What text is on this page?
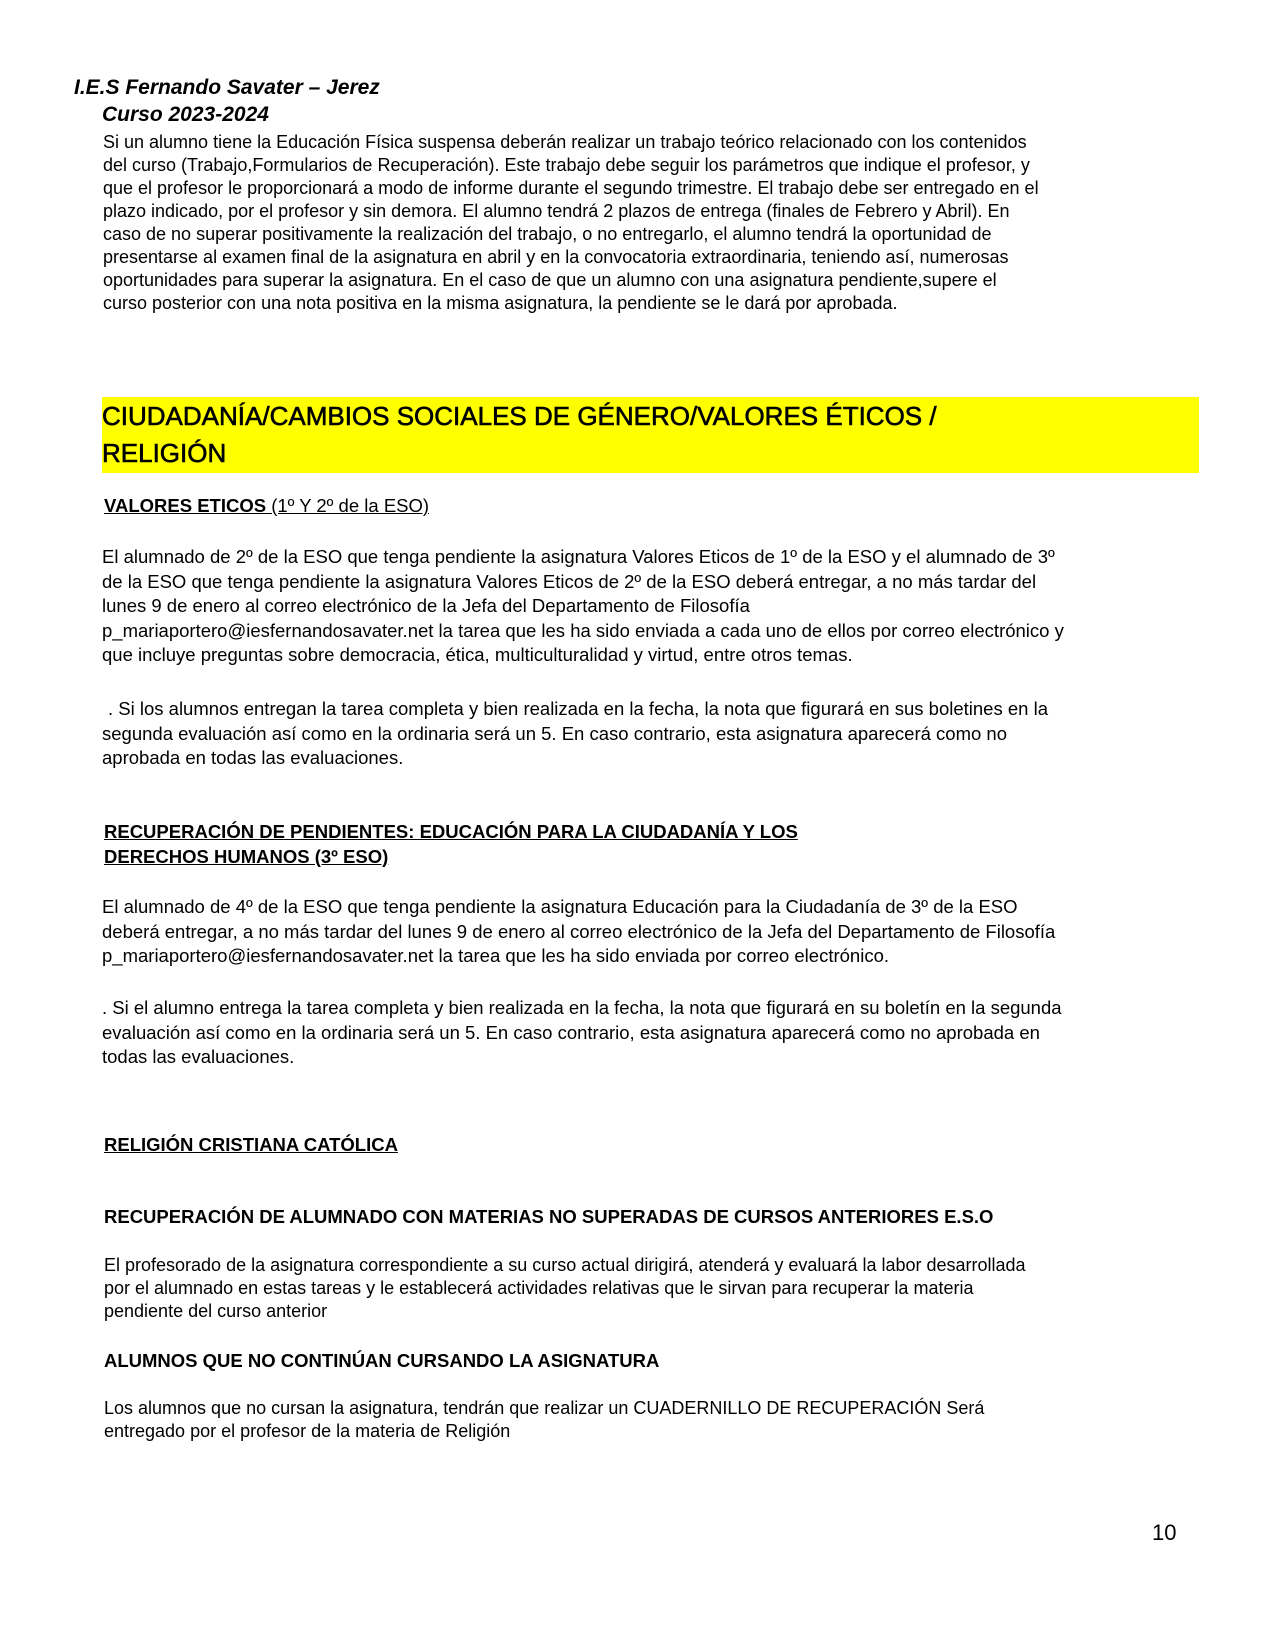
I.E.S Fernando Savater – Jerez
Curso 2023-2024
Si un alumno tiene la Educación Física suspensa deberán realizar un trabajo teórico relacionado con los contenidos
del curso (Trabajo,Formularios de Recuperación). Este trabajo debe seguir los parámetros que indique el profesor, y
que el profesor le proporcionará a modo de informe durante el segundo trimestre. El trabajo debe ser entregado en el
plazo indicado, por el profesor y sin demora. El alumno tendrá 2 plazos de entrega (finales de Febrero y Abril). En
caso de no superar positivamente la realización del trabajo, o no entregarlo, el alumno tendrá la oportunidad de
presentarse al examen final de la asignatura en abril y en la convocatoria extraordinaria, teniendo así, numerosas
oportunidades para superar la asignatura. En el caso de que un alumno con una asignatura pendiente,supere el
curso posterior con una nota positiva en la misma asignatura, la pendiente se le dará por aprobada.
CIUDADANÍA/CAMBIOS SOCIALES DE GÉNERO/VALORES ÉTICOS /
RELIGIÓN
VALORES ETICOS (1º Y 2º de la ESO)
El alumnado de 2º de la ESO que tenga pendiente la asignatura Valores Eticos de 1º de la ESO y el alumnado de 3º
de la ESO que tenga pendiente la asignatura Valores Eticos de 2º de la ESO deberá entregar, a no más tardar del
lunes 9 de enero al correo electrónico de la Jefa del Departamento de Filosofía
p_mariaportero@iesfernandosavater.net la tarea que les ha sido enviada a cada uno de ellos por correo electrónico y
que incluye preguntas sobre democracia, ética, multiculturalidad y virtud, entre otros temas.
. Si los alumnos entregan la tarea completa y bien realizada en la fecha, la nota que figurará en sus boletines en la
segunda evaluación así como en la ordinaria será un 5. En caso contrario, esta asignatura aparecerá como no
aprobada en todas las evaluaciones.
RECUPERACIÓN DE PENDIENTES: EDUCACIÓN PARA LA CIUDADANÍA Y LOS
DERECHOS HUMANOS (3º ESO)
El alumnado de 4º de la ESO que tenga pendiente la asignatura Educación para la Ciudadanía de 3º de la ESO
deberá entregar, a no más tardar del lunes 9 de enero al correo electrónico de la Jefa del Departamento de Filosofía
p_mariaportero@iesfernandosavater.net la tarea que les ha sido enviada por correo electrónico.
. Si el alumno entrega la tarea completa y bien realizada en la fecha, la nota que figurará en su boletín en la segunda
evaluación así como en la ordinaria será un 5. En caso contrario, esta asignatura aparecerá como no aprobada en
todas las evaluaciones.
RELIGIÓN CRISTIANA CATÓLICA
RECUPERACIÓN DE ALUMNADO CON MATERIAS NO SUPERADAS DE CURSOS ANTERIORES E.S.O
El profesorado de la asignatura correspondiente a su curso actual dirigirá, atenderá y evaluará la labor desarrollada
por el alumnado en estas tareas y le establecerá actividades relativas que le sirvan para recuperar la materia
pendiente del curso anterior
ALUMNOS QUE NO CONTINÚAN CURSANDO LA ASIGNATURA
Los alumnos que no cursan la asignatura, tendrán que realizar un CUADERNILLO DE RECUPERACIÓN Será
entregado por el profesor de la materia de Religión
10
